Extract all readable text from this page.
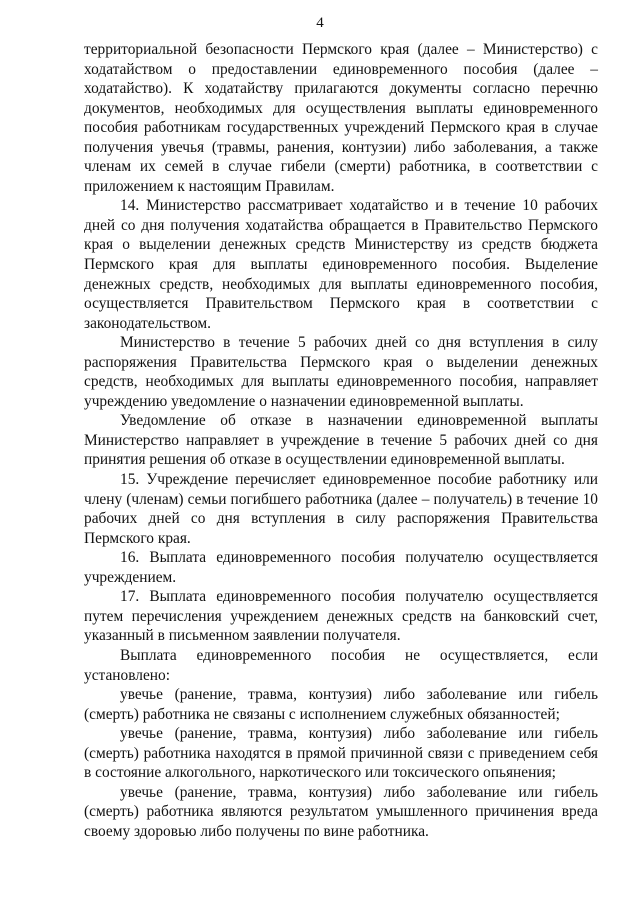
4

территориальной безопасности Пермского края (далее – Министерство) с ходатайством о предоставлении единовременного пособия (далее – ходатайство). К ходатайству прилагаются документы согласно перечню документов, необходимых для осуществления выплаты единовременного пособия работникам государственных учреждений Пермского края в случае получения увечья (травмы, ранения, контузии) либо заболевания, а также членам их семей в случае гибели (смерти) работника, в соответствии с приложением к настоящим Правилам.

14. Министерство рассматривает ходатайство и в течение 10 рабочих дней со дня получения ходатайства обращается в Правительство Пермского края о выделении денежных средств Министерству из средств бюджета Пермского края для выплаты единовременного пособия. Выделение денежных средств, необходимых для выплаты единовременного пособия, осуществляется Правительством Пермского края в соответствии с законодательством.

Министерство в течение 5 рабочих дней со дня вступления в силу распоряжения Правительства Пермского края о выделении денежных средств, необходимых для выплаты единовременного пособия, направляет учреждению уведомление о назначении единовременной выплаты.

Уведомление об отказе в назначении единовременной выплаты Министерство направляет в учреждение в течение 5 рабочих дней со дня принятия решения об отказе в осуществлении единовременной выплаты.

15. Учреждение перечисляет единовременное пособие работнику или члену (членам) семьи погибшего работника (далее – получатель) в течение 10 рабочих дней со дня вступления в силу распоряжения Правительства Пермского края.

16. Выплата единовременного пособия получателю осуществляется учреждением.

17. Выплата единовременного пособия получателю осуществляется путем перечисления учреждением денежных средств на банковский счет, указанный в письменном заявлении получателя.

Выплата единовременного пособия не осуществляется, если установлено:

увечье (ранение, травма, контузия) либо заболевание или гибель (смерть) работника не связаны с исполнением служебных обязанностей;

увечье (ранение, травма, контузия) либо заболевание или гибель (смерть) работника находятся в прямой причинной связи с приведением себя в состояние алкогольного, наркотического или токсического опьянения;

увечье (ранение, травма, контузия) либо заболевание или гибель (смерть) работника являются результатом умышленного причинения вреда своему здоровью либо получены по вине работника.
